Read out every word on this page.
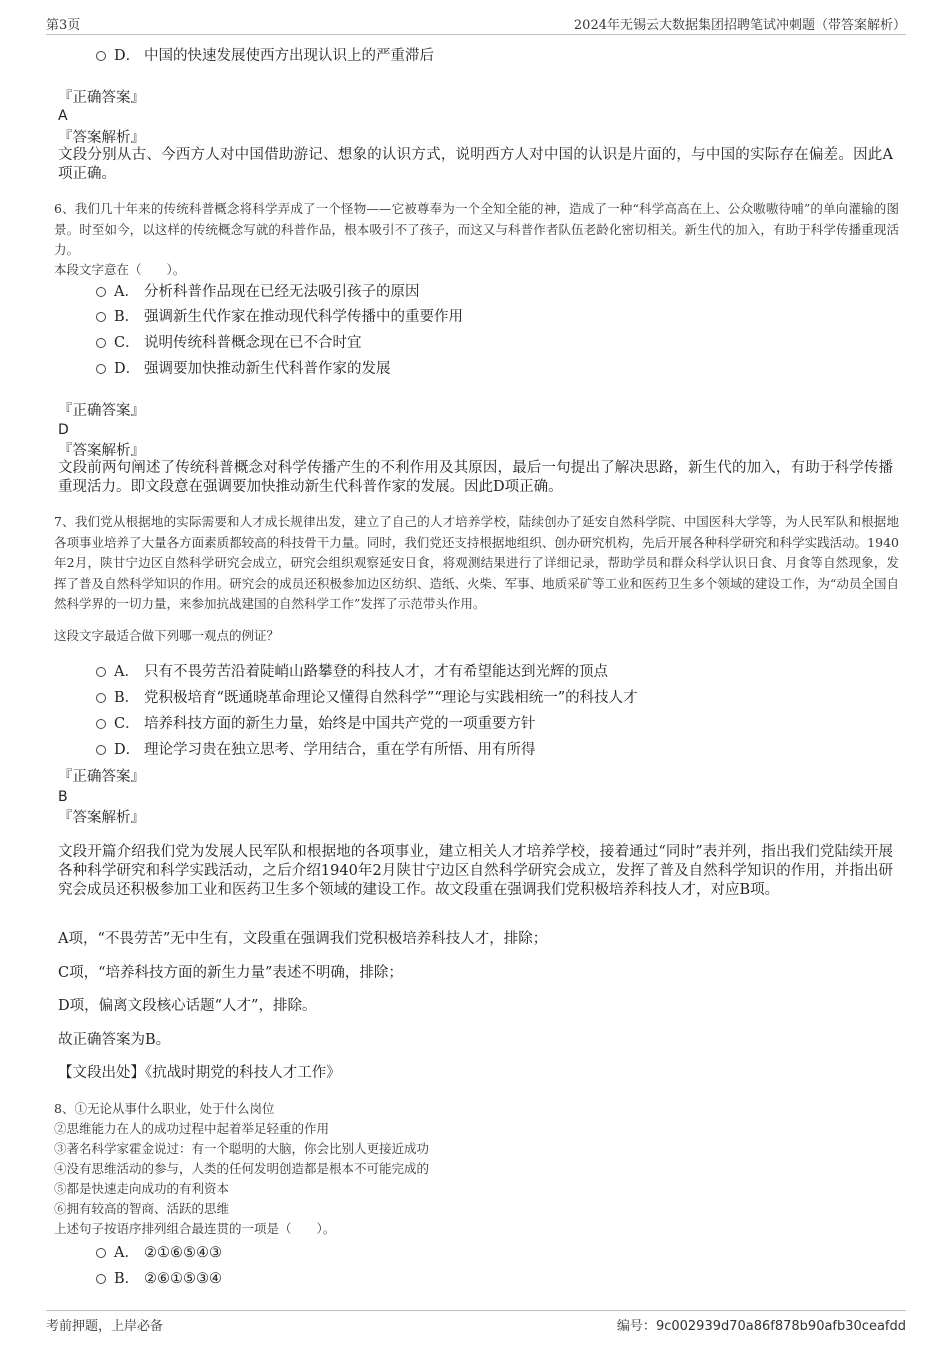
第3页	2024年无锡云大数据集团招聘笔试冲刺题（带答案解析）
D． 中国的快速发展使西方出现认识上的严重滞后
『正确答案』
A
『答案解析』
文段分别从古、今西方人对中国借助游记、想象的认识方式，说明西方人对中国的认识是片面的，与中国的实际存在偏差。因此A项正确。
6、我们几十年来的传统科普概念将科学弄成了一个怪物——它被尊奉为一个全知全能的神，造成了一种“科学高高在上、公众嗷嗷待哺”的单向灌输的图景。时至如今，以这样的传统概念写就的科普作品，根本吸引不了孩子，而这又与科普作者队伍老龄化密切相关。新生代的加入，有助于科学传播重现活力。
本段文字意在（　　）。
A． 分析科普作品现在已经无法吸引孩子的原因
B． 强调新生代作家在推动现代科学传播中的重要作用
C． 说明传统科普概念现在已不合时宜
D． 强调要加快推动新生代科普作家的发展
『正确答案』
D
『答案解析』
文段前两句阐述了传统科普概念对科学传播产生的不利作用及其原因，最后一句提出了解决思路，新生代的加入，有助于科学传播重现活力。即文段意在强调要加快推动新生代科普作家的发展。因此D项正确。
7、我们党从根据地的实际需要和人才成长规律出发，建立了自己的人才培养学校，陆续创办了延安自然科学院、中国医科大学等，为人民军队和根据地各项事业培养了大量各方面素质都较高的科技骨干力量。同时，我们党还支持根据地组织、创办研究机构，先后开展各种科学研究和科学实践活动。1940年2月，陕甘宁边区自然科学研究会成立，研究会组织观察延安日食，将观测结果进行了详细记录，帮助学员和群众科学认识日食、月食等自然现象，发挥了普及自然科学知识的作用。研究会的成员还积极参加边区纺织、造纸、火柴、军事、地质采矿等工业和医药卫生多个领域的建设工作，为“动员全国自然科学界的一切力量，来参加抗战建国的自然科学工作”发挥了示范带头作用。
这段文字最适合做下列哪一观点的例证？
A． 只有不畏劳苦沿着陡峭山路攀登的科技人才，才有希望能达到光辉的顶点
B． 党积极培育“既通晓革命理论又懂得自然科学”“理论与实践相统一”的科技人才
C． 培养科技方面的新生力量，始终是中国共产党的一项重要方针
D． 理论学习贵在独立思考、学用结合，重在学有所悟、用有所得
『正确答案』
B
『答案解析』
文段开篇介绍我们党为发展人民军队和根据地的各项事业，建立相关人才培养学校，接着通过“同时”表并列，指出我们党陆续开展各种科学研究和科学实践活动，之后介绍1940年2月陕甘宁边区自然科学研究会成立，发挥了普及自然科学知识的作用，并指出研究会成员还积极参加工业和医药卫生多个领域的建设工作。故文段重在强调我们党积极培养科技人才，对应B项。
A项，“不畏劳苦”无中生有，文段重在强调我们党积极培养科技人才，排除；
C项，“培养科技方面的新生力量”表述不明确，排除；
D项，偏离文段核心话题“人才”，排除。
故正确答案为B。
【文段出处】《抗战时期党的科技人才工作》
8、①无论从事什么职业，处于什么岗位
②思维能力在人的成功过程中起着举足轻重的作用
③著名科学家霍金说过：有一个聪明的大脑，你会比别人更接近成功
④没有思维活动的参与，人类的任何发明创造都是根本不可能完成的
⑤都是快速走向成功的有利资本
⑥拥有较高的智商、活跃的思维
上述句子按语序排列组合最连贯的一项是（　　）。
A． ②①⑥⑤④③
B． ②⑥①⑤③④
考前押题，上岸必备	编号：9c002939d70a86f878b90afb30ceafdd
